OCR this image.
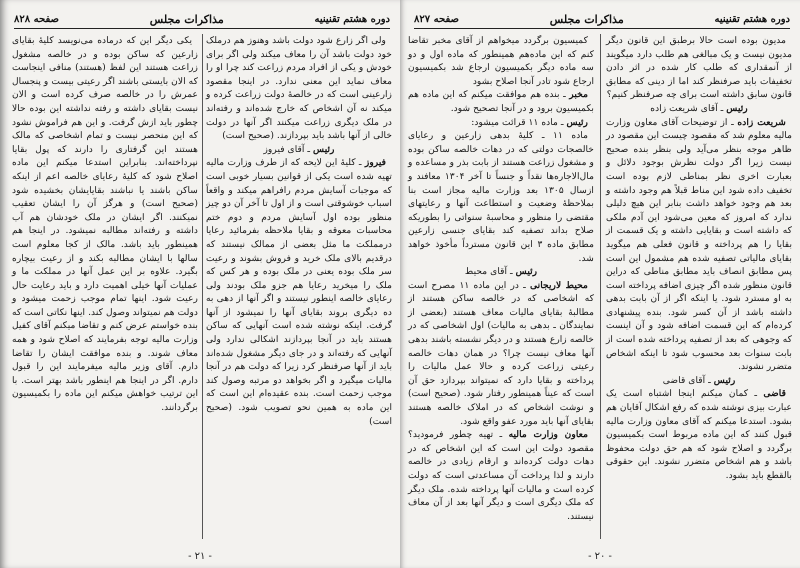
دوره هشتم تقنینیه
مذاکرات مجلس
صفحه ۸۲۸

ولی اگر زارع شود دولت باشد وهنوز هم درملک خود دولت باشد آن را معاف میکند ولی اگر برای خودش و یکی از افراد مردم زراعت کند چرا او را معاف نماید این معنی ندارد. در اینجا مقصود زارعینی است که در خالصهٔ دولت زراعت کرده و میکند نه آن اشخاص که خارج شده‌اند و رفته‌اند در ملک دیگری زراعت میکنند اگر آنها در دولت خالی از آنها باشد باید بپردازند. (صحیح است)

رئیس ـ آقای فیروز

فیروز ـ کلیهٔ این لایحه که از طرف وزارت مالیه تهیه شده است یکی از قوانین بسیار خوبی است که موجبات آسایش مردم رافراهم میکند و واقعاً اسباب خوشوقتی است و از اول تا آخر آن دو چیز منظور بوده اول آسایش مردم و دوم ختم محاسبات معوقه و بقایا ملاحظه بفرمائید رعایا درمملکت ما مثل بعضی از ممالک نیستند که درقدیم بالای ملک خرید و فروش بشوند و رعیت سر ملک بوده یعنی در ملک بوده و هر کس که ملک را میخرید رعایا هم جزو ملک بودند ولی رعایای خالصه اینطور نیستند و اگر آنها از دهی به ده دیگری بروند بقایای آنها را نمیشود از آنها گرفت. اینکه نوشته شده است آنهایی که ساکن هستند باید در آنجا بپردازند اشکالی ندارد ولی آنهایی که رفته‌اند و در جای دیگر مشغول شده‌اند باید از آنها صرفنظر کرد زیرا که دولت هم در آنجا مالیات میگیرد و اگر بخواهد دو مرتبه وصول کند موجب زحمت است. بنده عقیده‌ام این است که این ماده به همین نحو تصویب شود. (صحیح است)

یکی دیگر این که درماده می‌نویسد کلیهٔ بقایای زارعین که ساکن بوده و در خالصه مشغول زراعت هستند این لفظ (هستند) منافی اینجاست که الان بایستی باشند اگر رعیتی بیست و پنجسال عمرش را در خالصه صرف کرده است و الان نیست بقایای داشته و رفته نداشته این بوده حالا چطور باید ازش گرفت. و این هم فراموش نشود که این منحصر نیست و تمام اشخاصی که مالک هستند این گرفتاری را دارند که پول بقایا نپرداخته‌اند. بنابراین استدعا میکنم این ماده اصلاح شود که کلیهٔ رعایای خالصه اعم از اینکه ساکن باشند یا نباشند بقایایشان بخشیده شود (صحیح است) و هرگز آن را ایشان تعقیب نمیکنند. اگر ایشان در ملک خودشان هم آب داشته و رفته‌اند مطالبه نمیشود. در اینجا هم همینطور باید باشد. مالک از کجا معلوم است سالها با ایشان مطالبه بکند و از رعیت بیچاره بگیرد. علاوه بر این عمل آنها در مملکت ما و عملیات آنها خیلی اهمیت دارد و باید رعایت حال رعیت شود. اینها تمام موجب زحمت میشود و دولت هم نمیتواند وصول کند. اینها نکاتی است که بنده خواستم عرض کنم و تقاضا میکنم آقای کفیل وزارت مالیه توجه بفرمایند که اصلاح شود و همه معاف شوند. و بنده موافقت ایشان را تقاضا دارم. آقای وزیر مالیه میفرمایند این را قبول دارم. اگر در اینجا هم اینطور باشد بهتر است. با این ترتیب خواهش میکنم این ماده را بکمیسیون برگردانند.

- ۲۱ -
دوره هشتم تقنینیه
مذاکرات مجلس
صفحه ۸۲۷

مدیون بوده است حالا برطبق این قانون دیگر مدیون نیست و یک مبالغی هم طلب دارد میگویند از آنمقداری که طلب کار شده در اثر دادن تخفیفات باید صرفنظر کند اما از دینی که مطابق قانون سابق داشته است برای چه صرفنظر کنیم؟

رئیس ـ آقای شریعت زاده

شریعت زاده ـ از توضیحات آقای معاون وزارت مالیه معلوم شد که مقصود چیست این مقصود در ظاهر موجه بنظر می‌آید ولی بنظر بنده صحیح نیست زیرا اگر دولت نظرش بوجود دلائل و بعبارت اخری نظر بمناطی لازم بوده است تخفیف داده شود این مناط قبلاً هم وجود داشته و بعد هم وجود خواهد داشت بنابر این هیچ دلیلی ندارد که امروز که معین می‌شود این آدم ملکی که داشته است و بقایایی داشته و یک قسمت از بقایا را هم پرداخته و قانون فعلی هم میگوید بقایای مالیاتی تصفیه شده هم مشمول این است پس مطابق انصاف باید مطابق مناطی که دراین قانون منظور شده اگر چیزی اضافه پرداخته است به او مسترد شود. یا اینکه اگر از آن بابت بدهی داشته باشد از آن کسر شود. بنده پیشنهادی کرده‌ام که این قسمت اضافه شود و آن اینست که وجوهی که بعد از تصفیه پرداخته شده است از بابت سنوات بعد محسوب شود تا اینکه اشخاص متضرر نشوند.

رئیس ـ آقای قاضی

قاضی ـ کمان میکنم اینجا اشتباه است یک عبارت بیزی نوشته شده که رفع اشکال آقایان هم بشود. استدعا میکنم که آقای معاون وزارت مالیه قبول کنند که این ماده مربوط است بکمیسیون برگردد و اصلاح شود که هم حق دولت محفوظ باشد و هم اشخاص متضرر نشوند. این حقوقی بالقطع باید بشود.

کمیسیون برگردد میخواهم از آقای مخبر تقاضا کنم که این ماده‌هم همینطور که ماده اول و دو سه ماده دیگر بکمیسیون ارجاع شد بکمیسیون ارجاع شود تادر آنجا اصلاح بشود

مخبر ـ بنده هم موافقت میکنم که این ماده هم بکمیسیون برود و در آنجا تصحیح شود.

رئیس ـ ماده ۱۱ قرائت میشود:

ماده ۱۱ ـ کلیهٔ بدهی زارعین و رعایای خالصجات دولتی که در دهات خالصه ساکن بوده و مشغول زراعت هستند از بابت بذر و مساعده و مال‌الاجاره‌ها نقداً و جنساً تا آخر ۱۳۰۴ معافند و ازسال ۱۳۰۵ بعد وزارت مالیه مجاز است بنا بملاحظهٔ وضعیت و استطاعت آنها و رعایتهای مقتضی را منظور و محاسبهٔ سنواتی را بطوریکه صلاح بداند تصفیه کند بقایای جنسی زارعین مطابق ماده ۳ این قانون مسترداً مأخوذ خواهد شد.

رئیس ـ آقای محیط

محیط لاریجانی ـ در این ماده ۱۱ مصرح است که اشخاصی که در خالصه ساکن هستند از مطالبهٔ بقایای مالیات معاف هستند (بعضی از نمایندگان ـ بدهی به مالیات) اول اشخاصی که در خالصه زارع هستند و در دیگر نشسته باشند بدهی آنها معاف نیست چرا؟ در همان دهات خالصه رعیتی زراعت کرده و حالا عمل مالیات را پرداخته و بقایا دارد که نمیتواند بپردازد حق آن است که عیناً همینطور رفتار شود. (صحیح است) و نوشت اشخاص که در املاک خالصه هستند بقایای آنها باید مورد عفو واقع شود.

معاون وزارت مالیه ـ تهیه‌ چطور فرمودید؟ مقصود دولت این است که این اشخاص که در دهات دولت کرده‌اند و ارقام زیادی در خالصه دارند و لذا پرداخت آن مساعدتی است که دولت کرده است و مالیات آنها پرداخته شده. ملک دیگر که ملک دیگری است و دیگر آنها بعد از آن معاف نیستند.

- ۲۰ -
